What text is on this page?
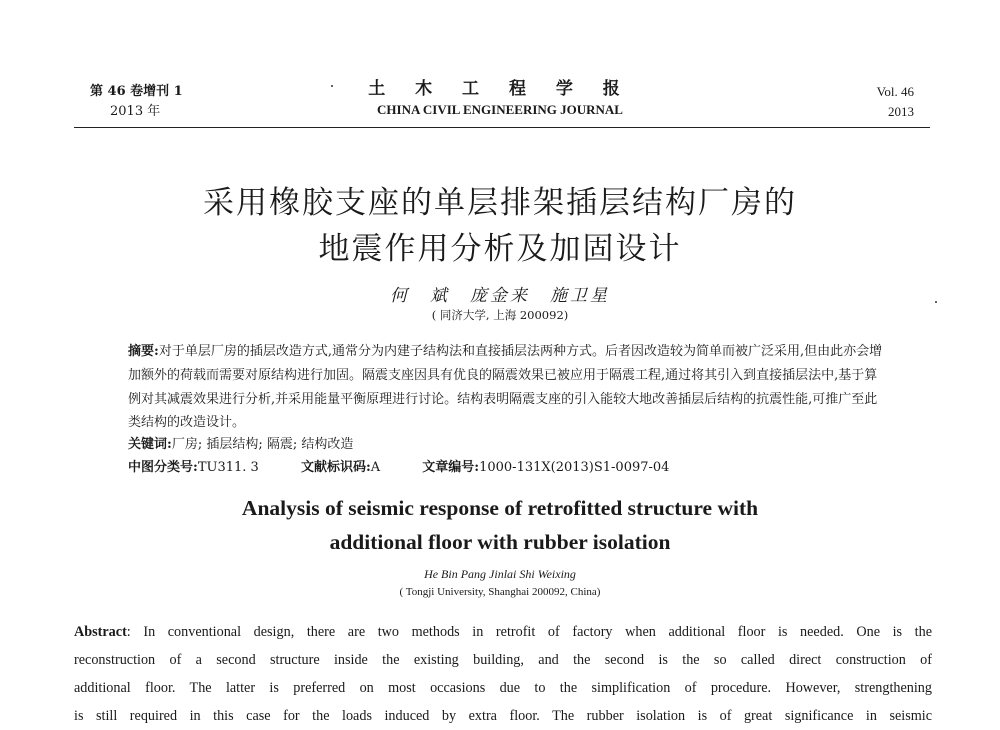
第 46 卷增刊 1
2013 年
土 木 工 程 学 报
CHINA CIVIL ENGINEERING JOURNAL
Vol. 46
2013
采用橡胶支座的单层排架插层结构厂房的
地震作用分析及加固设计
何　斌　庞金来　施卫星
( 同济大学, 上海 200092)
摘要:对于单层厂房的插层改造方式,通常分为内建子结构法和直接插层法两种方式。后者因改造较为简单而被广泛采用,但由此亦会增加额外的荷载而需要对原结构进行加固。隔震支座因具有优良的隔震效果已被应用于隔震工程,通过将其引入到直接插层法中,基于算例对其减震效果进行分析,并采用能量平衡原理进行讨论。结构表明隔震支座的引入能较大地改善插层后结构的抗震性能,可推广至此类结构的改造设计。
关键词:厂房; 插层结构; 隔震; 结构改造
中图分类号:TU311. 3	文献标识码:A	文章编号:1000-131X(2013)S1-0097-04
Analysis of seismic response of retrofitted structure with
additional floor with rubber isolation
He Bin Pang Jinlai Shi Weixing
( Tongji University, Shanghai 200092, China)
Abstract: In conventional design, there are two methods in retrofit of factory when additional floor is needed. One is the
reconstruction of a second structure inside the existing building, and the second is the so called direct construction of
additional floor. The latter is preferred on most occasions due to the simplification of procedure. However, strengthening
is still required in this case for the loads induced by extra floor. The rubber isolation is of great significance in seismic
